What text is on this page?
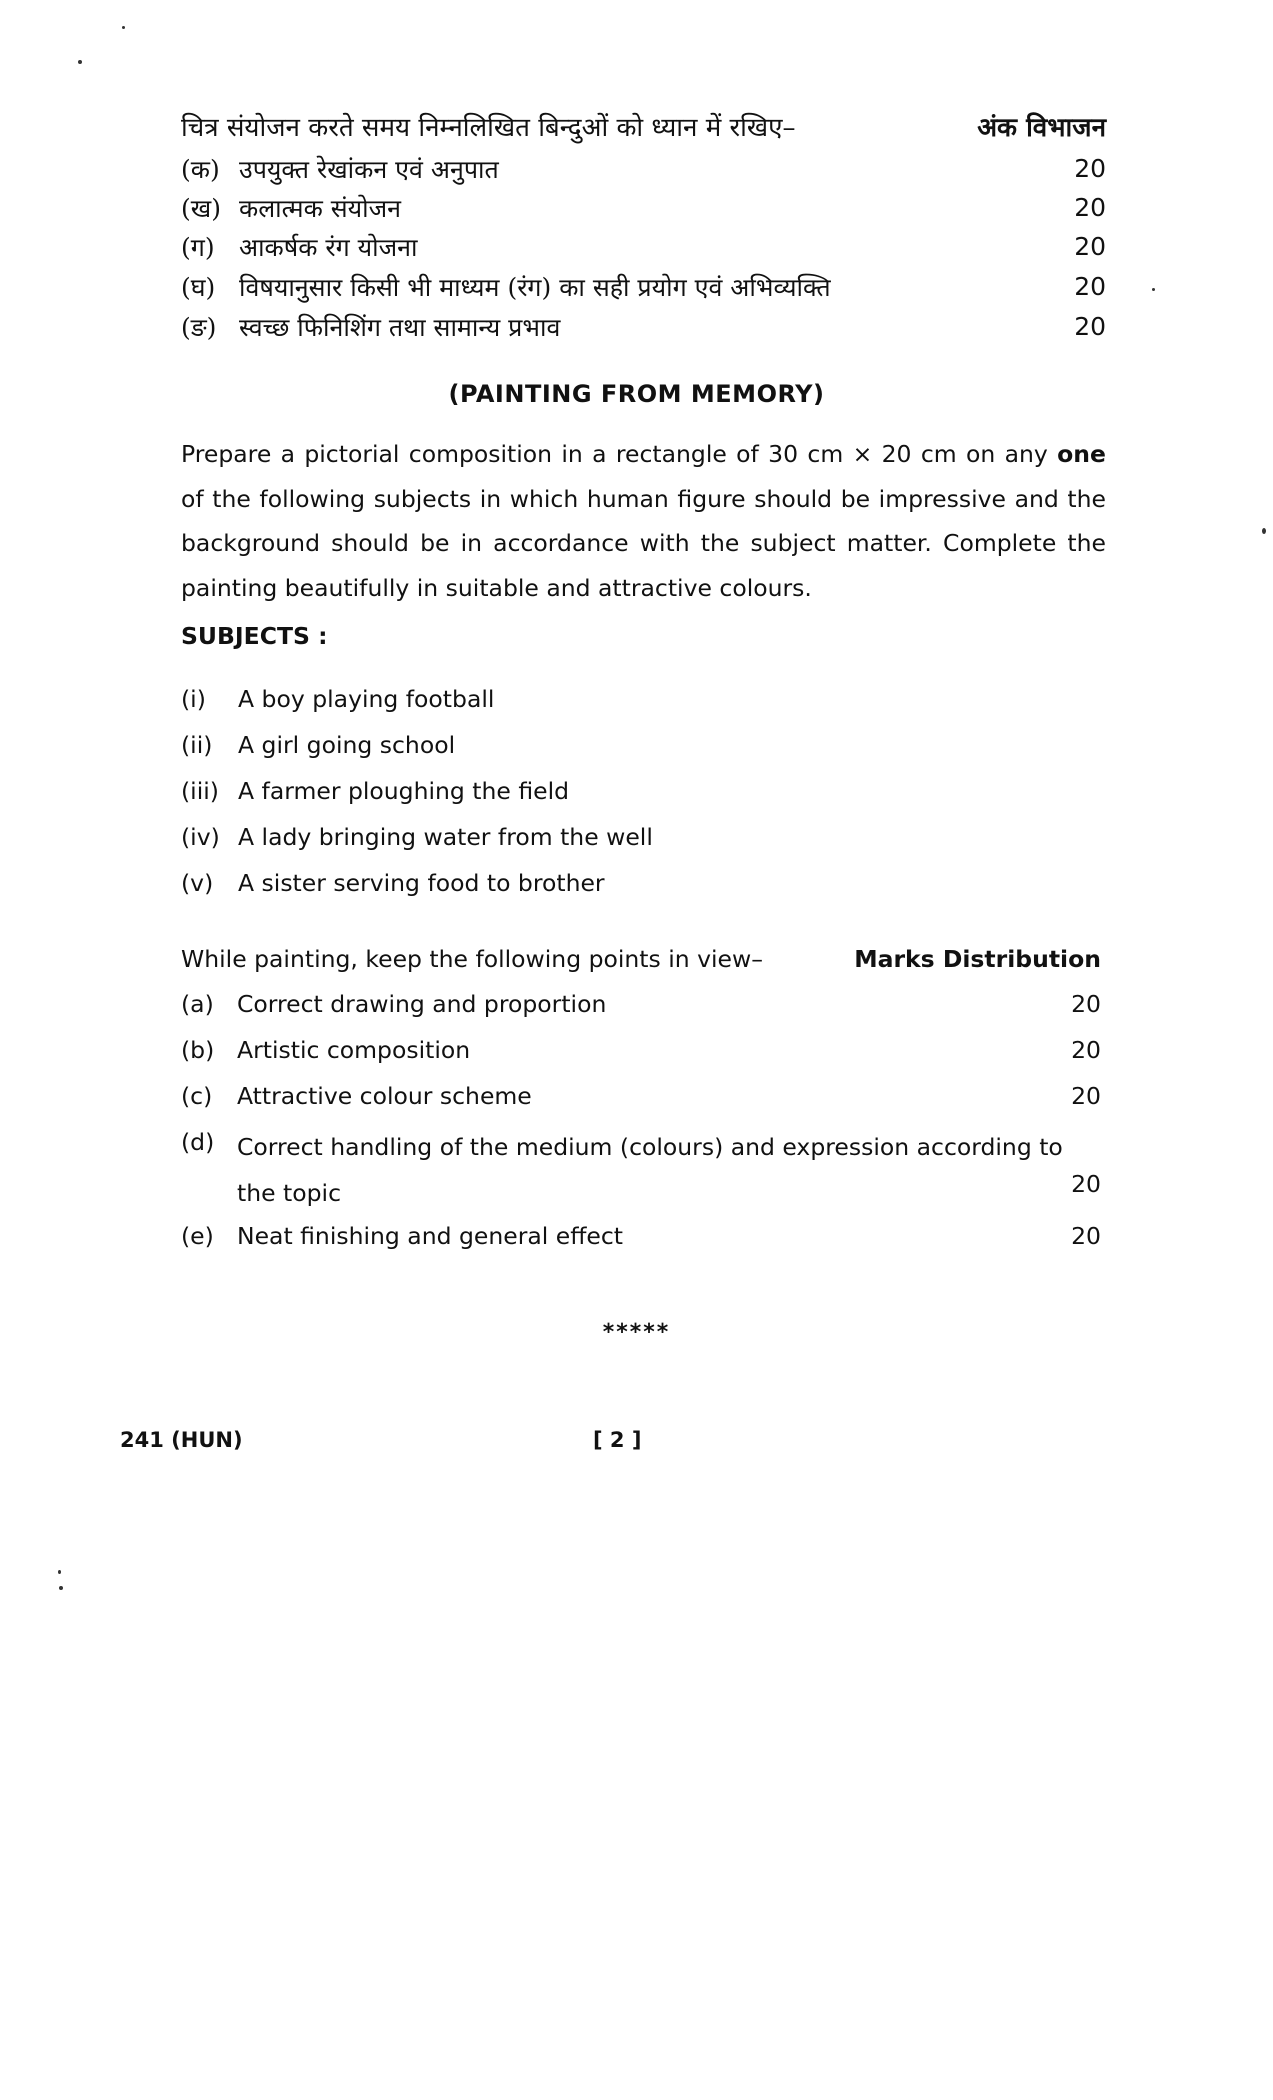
चित्र संयोजन करते समय निम्नलिखित बिन्दुओं को ध्यान में रखिए–	अंक विभाजन
(क) उपयुक्त रेखांकन एवं अनुपात	20
(ख) कलात्मक संयोजन	20
(ग) आकर्षक रंग योजना	20
(घ) विषयानुसार किसी भी माध्यम (रंग) का सही प्रयोग एवं अभिव्यक्ति	20
(ङ) स्वच्छ फिनिशिंग तथा सामान्य प्रभाव	20
(PAINTING FROM MEMORY)
Prepare a pictorial composition in a rectangle of 30 cm × 20 cm on any one of the following subjects in which human figure should be impressive and the background should be in accordance with the subject matter. Complete the painting beautifully in suitable and attractive colours.
SUBJECTS :
(i) A boy playing football
(ii) A girl going school
(iii) A farmer ploughing the field
(iv) A lady bringing water from the well
(v) A sister serving food to brother
While painting, keep the following points in view–	Marks Distribution
(a) Correct drawing and proportion	20
(b) Artistic composition	20
(c) Attractive colour scheme	20
(d) Correct handling of the medium (colours) and expression according to the topic	20
(e) Neat finishing and general effect	20
*****
241 (HUN)	[ 2 ]
